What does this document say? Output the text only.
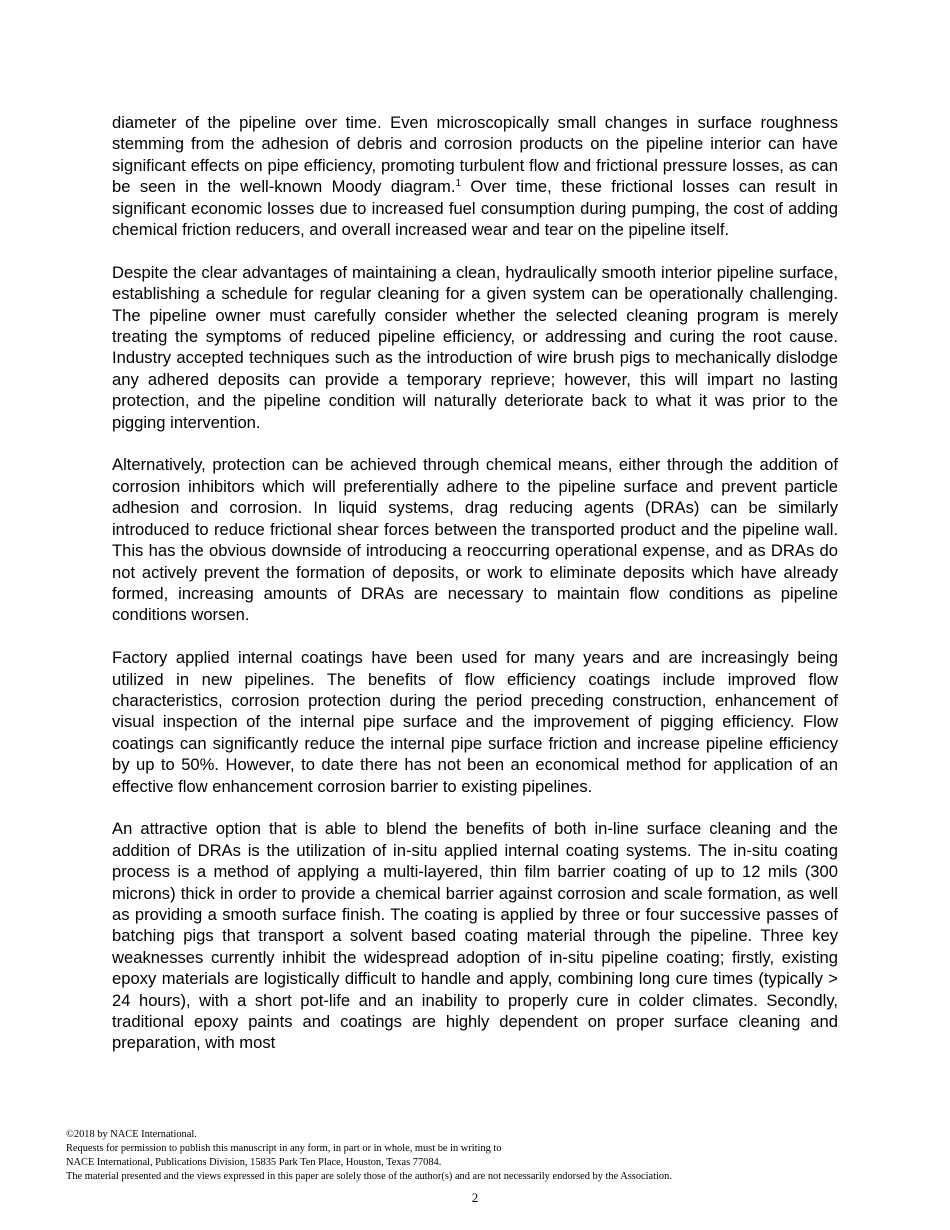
diameter of the pipeline over time. Even microscopically small changes in surface roughness stemming from the adhesion of debris and corrosion products on the pipeline interior can have significant effects on pipe efficiency, promoting turbulent flow and frictional pressure losses, as can be seen in the well-known Moody diagram.$^1$ Over time, these frictional losses can result in significant economic losses due to increased fuel consumption during pumping, the cost of adding chemical friction reducers, and overall increased wear and tear on the pipeline itself.

Despite the clear advantages of maintaining a clean, hydraulically smooth interior pipeline surface, establishing a schedule for regular cleaning for a given system can be operationally challenging. The pipeline owner must carefully consider whether the selected cleaning program is merely treating the symptoms of reduced pipeline efficiency, or addressing and curing the root cause. Industry accepted techniques such as the introduction of wire brush pigs to mechanically dislodge any adhered deposits can provide a temporary reprieve; however, this will impart no lasting protection, and the pipeline condition will naturally deteriorate back to what it was prior to the pigging intervention.

Alternatively, protection can be achieved through chemical means, either through the addition of corrosion inhibitors which will preferentially adhere to the pipeline surface and prevent particle adhesion and corrosion. In liquid systems, drag reducing agents (DRAs) can be similarly introduced to reduce frictional shear forces between the transported product and the pipeline wall. This has the obvious downside of introducing a reoccurring operational expense, and as DRAs do not actively prevent the formation of deposits, or work to eliminate deposits which have already formed, increasing amounts of DRAs are necessary to maintain flow conditions as pipeline conditions worsen.

Factory applied internal coatings have been used for many years and are increasingly being utilized in new pipelines. The benefits of flow efficiency coatings include improved flow characteristics, corrosion protection during the period preceding construction, enhancement of visual inspection of the internal pipe surface and the improvement of pigging efficiency. Flow coatings can significantly reduce the internal pipe surface friction and increase pipeline efficiency by up to 50%. However, to date there has not been an economical method for application of an effective flow enhancement corrosion barrier to existing pipelines.

An attractive option that is able to blend the benefits of both in-line surface cleaning and the addition of DRAs is the utilization of in-situ applied internal coating systems. The in-situ coating process is a method of applying a multi-layered, thin film barrier coating of up to 12 mils (300 microns) thick in order to provide a chemical barrier against corrosion and scale formation, as well as providing a smooth surface finish. The coating is applied by three or four successive passes of batching pigs that transport a solvent based coating material through the pipeline. Three key weaknesses currently inhibit the widespread adoption of in-situ pipeline coating; firstly, existing epoxy materials are logistically difficult to handle and apply, combining long cure times (typically > 24 hours), with a short pot-life and an inability to properly cure in colder climates. Secondly, traditional epoxy paints and coatings are highly dependent on proper surface cleaning and preparation, with most

©2018 by NACE International.
Requests for permission to publish this manuscript in any form, in part or in whole, must be in writing to
NACE International, Publications Division, 15835 Park Ten Place, Houston, Texas 77084.
The material presented and the views expressed in this paper are solely those of the author(s) and are not necessarily endorsed by the Association.
2
